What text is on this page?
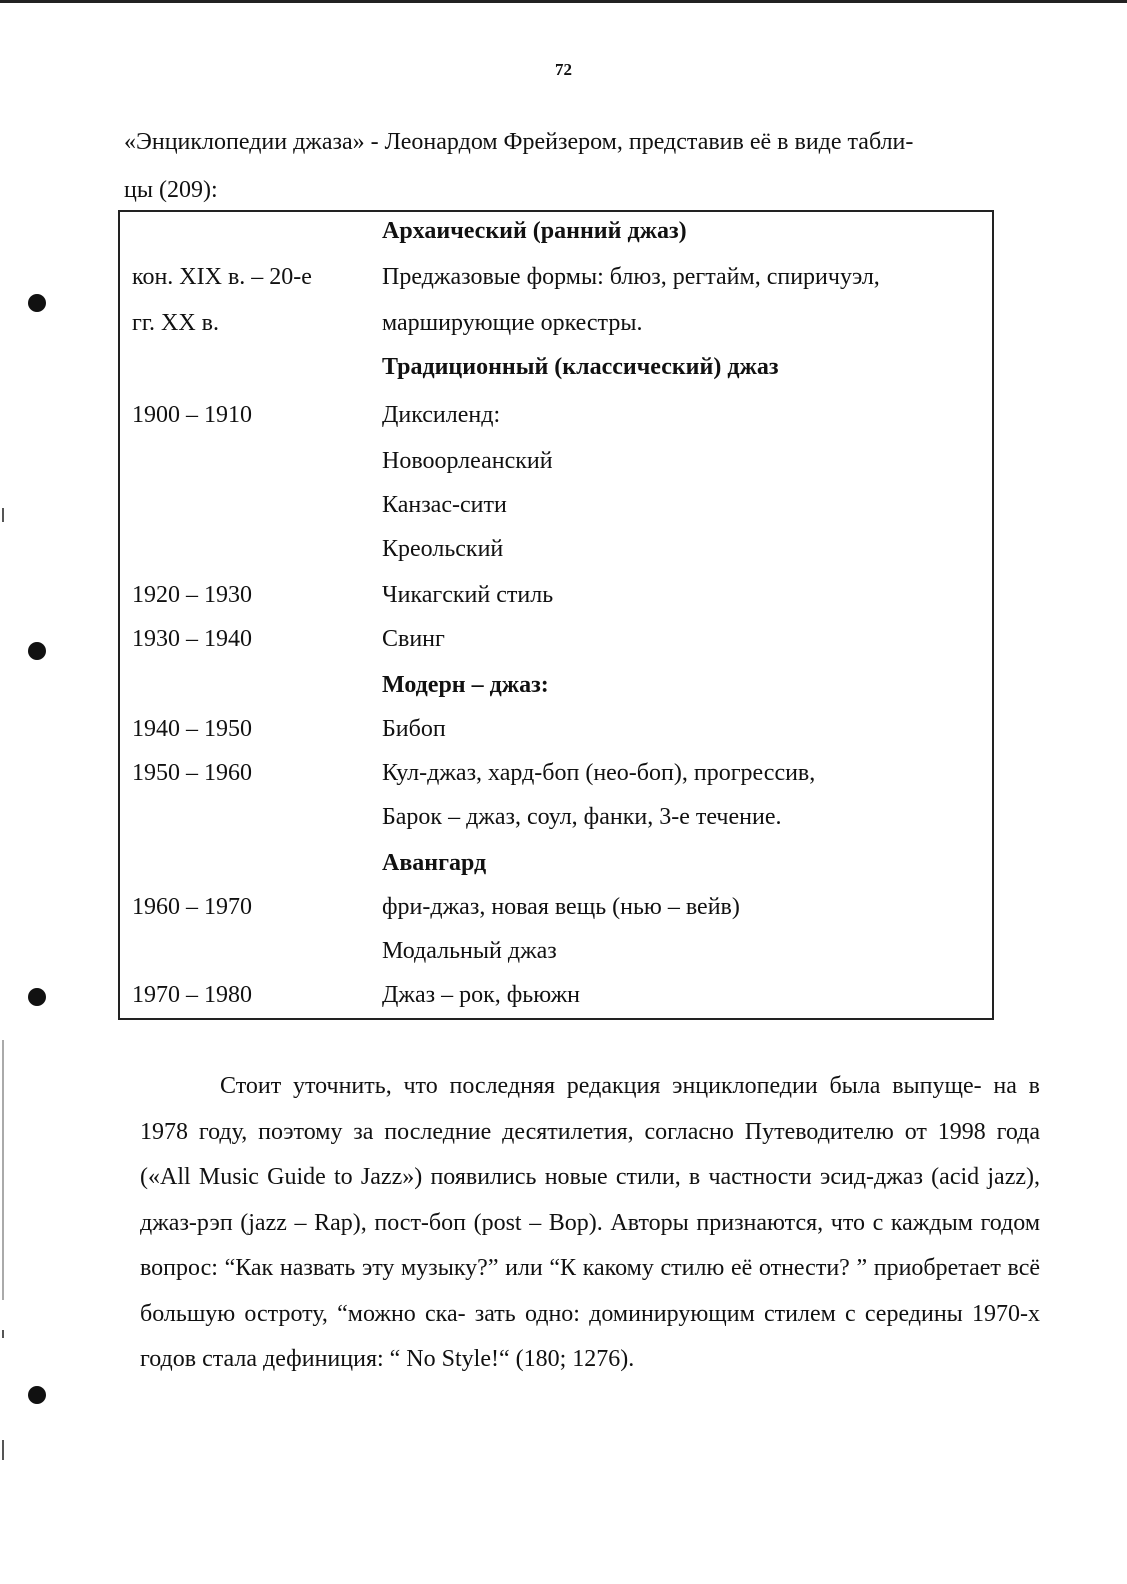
72

«Энциклопедии джаза» - Леонардом Фрейзером, представив её в виде табли-
цы (209):

Архаический (ранний джаз)
кон. XIX в. – 20-е	Преджазовые формы: блюз, регтайм, спиричуэл,
гг. XX в.	марширующие оркестры.
Традиционный (классический) джаз
1900 – 1910	Диксиленд:
Новоорлеанский
Канзас-сити
Креольский
1920 – 1930	Чикагский стиль
1930 – 1940	Свинг
Модерн – джаз:
1940 – 1950	Бибоп
1950 – 1960	Кул-джаз, хард-боп (нео-боп), прогрессив,
Барок – джаз, соул, фанки, 3-е течение.
Авангард
1960 – 1970	фри-джаз, новая вещь (нью – вейв)
Модальный джаз
1970 – 1980	Джаз – рок, фьюжн

Стоит уточнить, что последняя редакция энциклопедии была выпуще- на в 1978 году, поэтому за последние десятилетия, согласно Путеводителю от 1998 года («All Music Guide to Jazz») появились новые стили, в частности эсид-джаз (acid jazz), джаз-рэп (jazz – Rap), пост-боп (post – Bop). Авторы признаются, что с каждым годом вопрос: “Как назвать эту музыку?” или “К какому стилю её отнести? ” приобретает всё большую остроту, “можно ска- зать одно: доминирующим стилем с середины 1970-х годов стала дефиниция: “ No Style!“ (180; 1276).
